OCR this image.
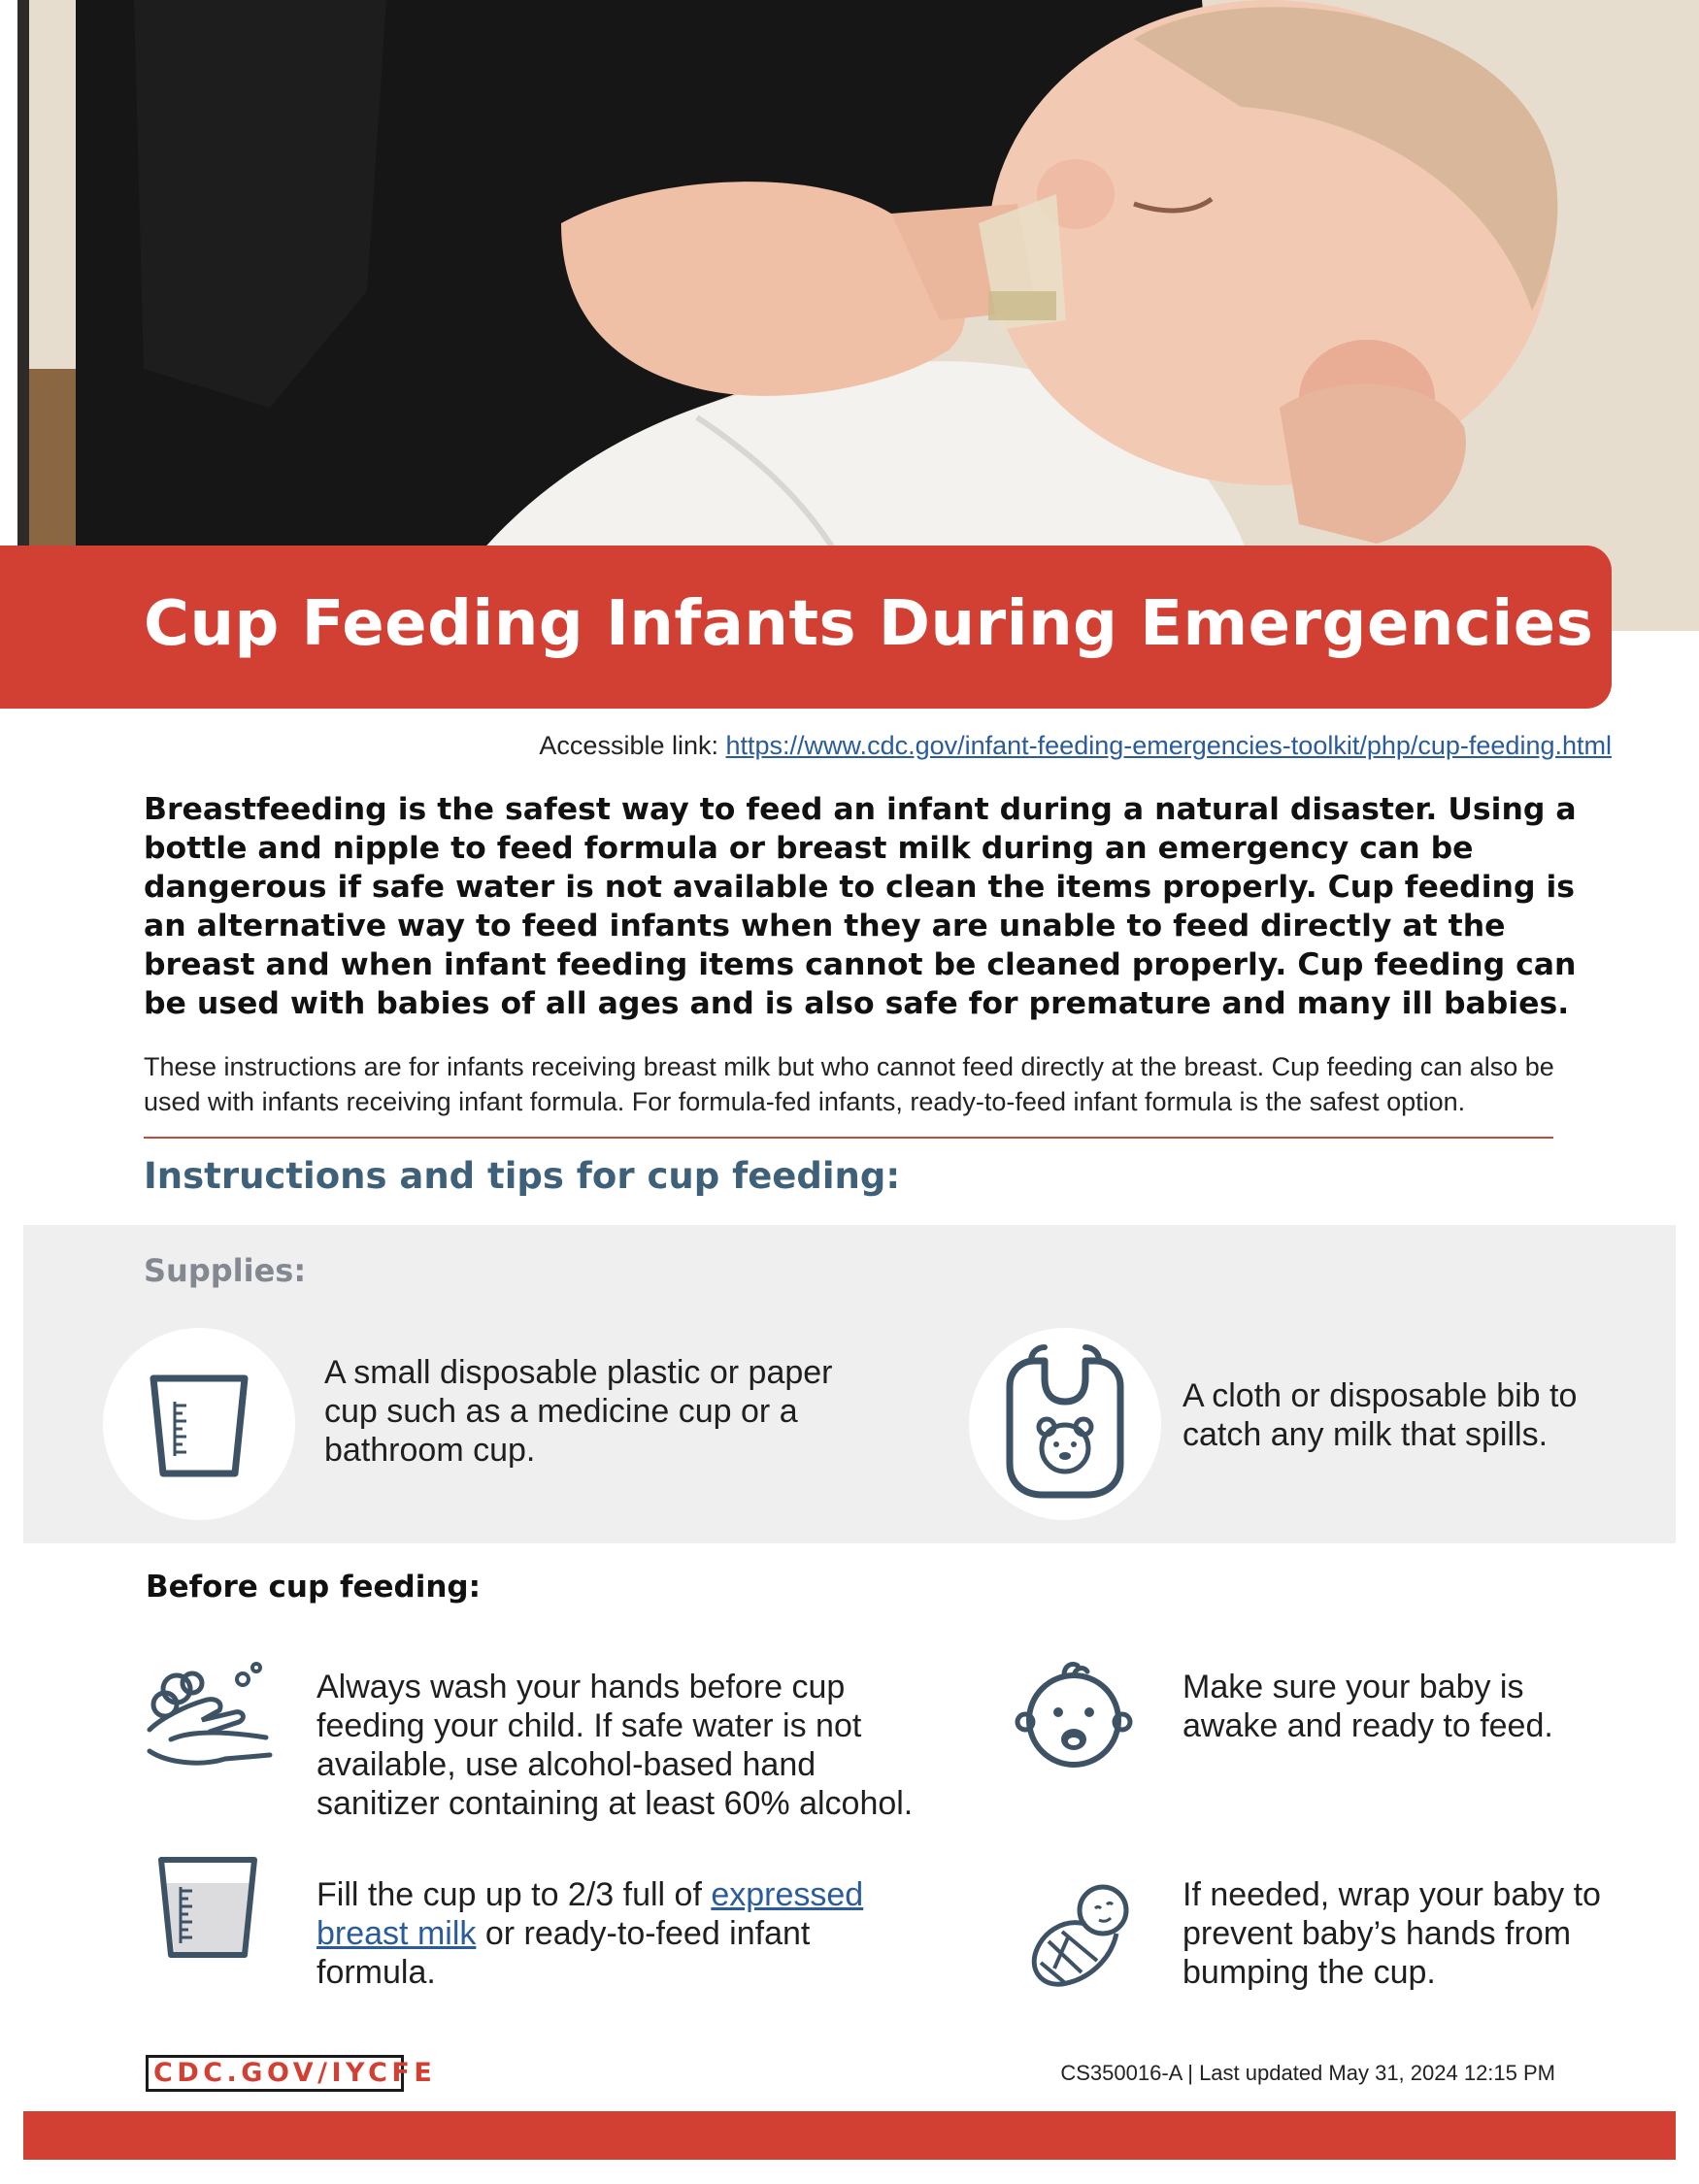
Cup Feeding Infants During Emergencies
Accessible link: https://www.cdc.gov/infant-feeding-emergencies-toolkit/php/cup-feeding.html

Breastfeeding is the safest way to feed an infant during a natural disaster. Using a bottle and nipple to feed formula or breast milk during an emergency can be dangerous if safe water is not available to clean the items properly. Cup feeding is an alternative way to feed infants when they are unable to feed directly at the breast and when infant feeding items cannot be cleaned properly. Cup feeding can be used with babies of all ages and is also safe for premature and many ill babies.

These instructions are for infants receiving breast milk but who cannot feed directly at the breast. Cup feeding can also be used with infants receiving infant formula. For formula-fed infants, ready-to-feed infant formula is the safest option.

Instructions and tips for cup feeding:
Supplies:

A small disposable plastic or paper cup such as a medicine cup or a bathroom cup.

A cloth or disposable bib to catch any milk that spills.

Before cup feeding:

Always wash your hands before cup feeding your child. If safe water is not available, use alcohol-based hand sanitizer containing at least 60% alcohol.

Make sure your baby is awake and ready to feed.

Fill the cup up to 2/3 full of expressed breast milk or ready-to-feed infant formula.

If needed, wrap your baby to prevent baby’s hands from bumping the cup.

CDC.GOV/IYCFE	CS350016-A | Last updated May 31, 2024 12:15 PM
